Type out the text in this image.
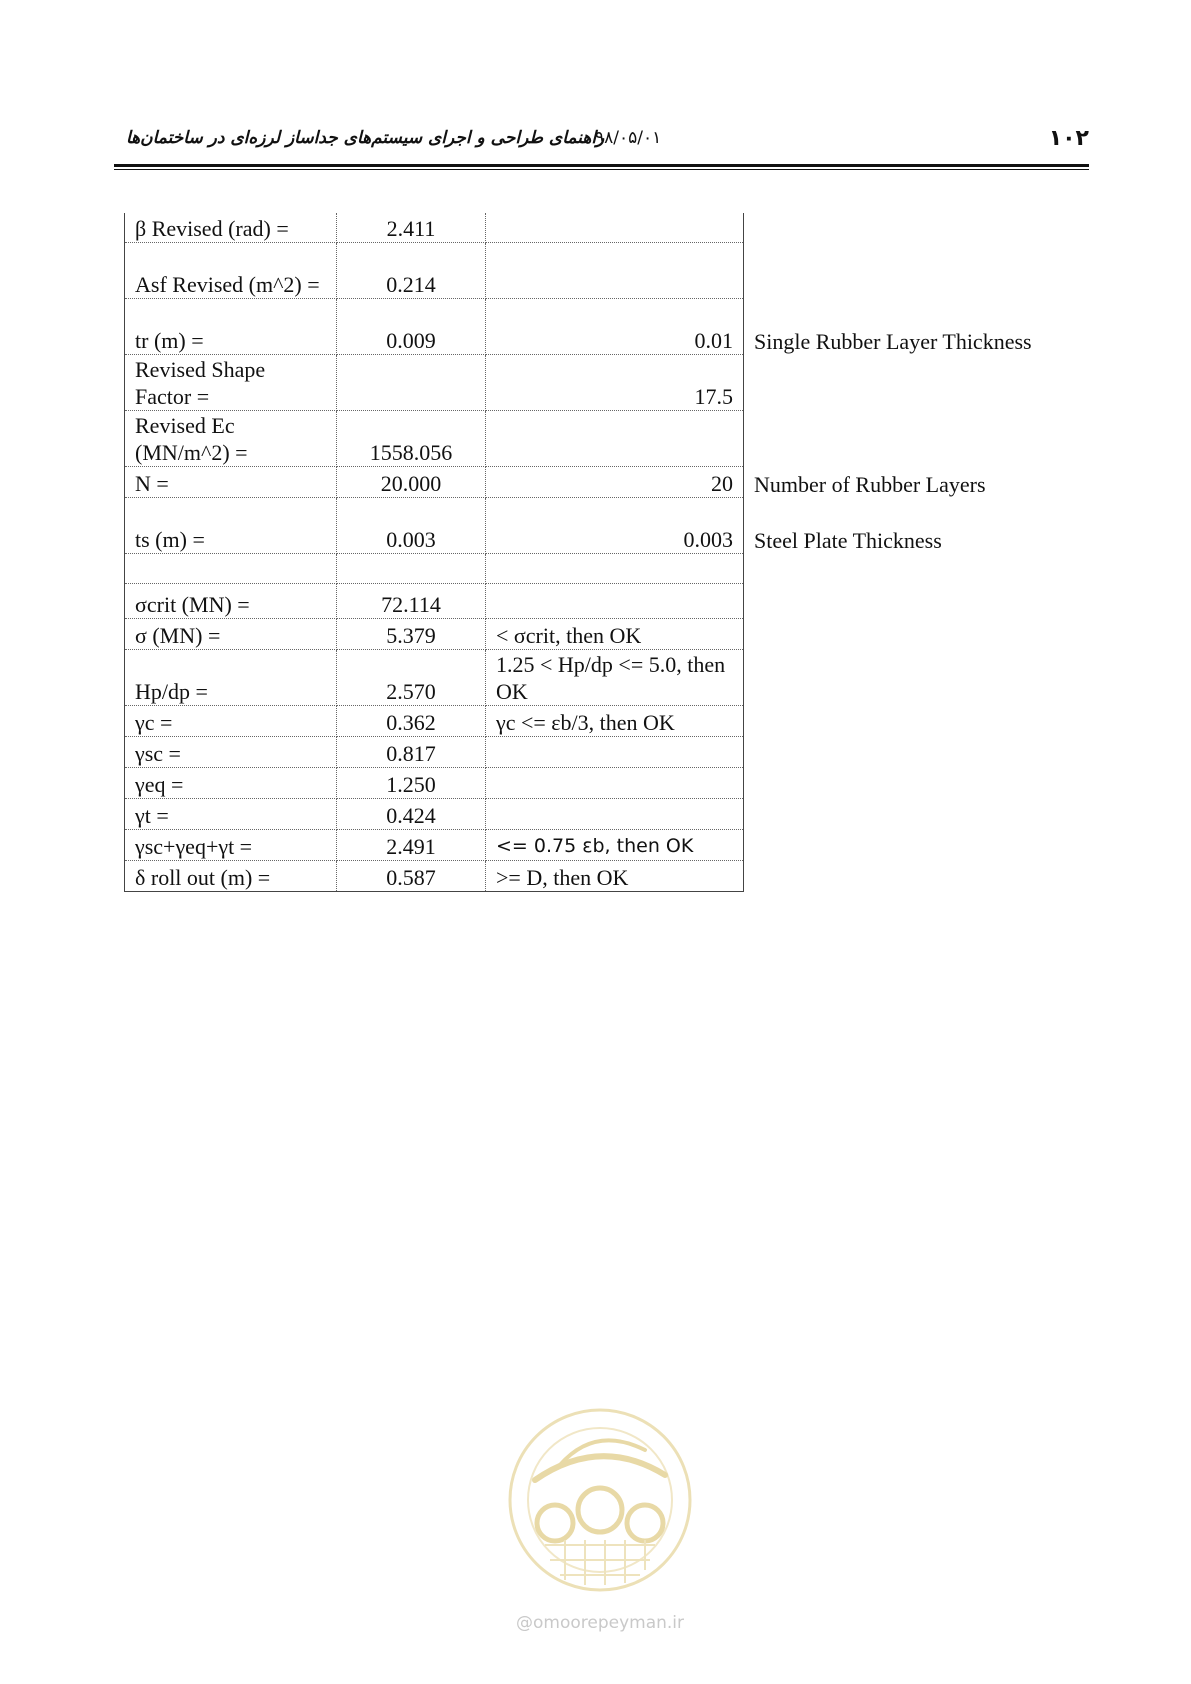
راهنمای طراحی و اجرای سیستم‌های جداساز لرزه‌ای در ساختمان‌ها
۹۸/۰۵/۰۱	۱۰۲
β Revised (rad) =	2.411		
Asf Revised (m^2) =	0.214		
tr (m) =	0.009	0.01	Single Rubber Layer Thickness
Revised Shape Factor =		17.5	
Revised Ec (MN/m^2) =	1558.056		
N =	20.000	20	Number of Rubber Layers
ts (m) =	0.003	0.003	Steel Plate Thickness

σcrit (MN) =	72.114		
σ (MN) =	5.379	< σcrit, then OK	
Hp/dp =	2.570	1.25 < Hp/dp <= 5.0, then OK	
γc =	0.362	γc <= εb/3, then OK	
γsc =	0.817		
γeq =	1.250		
γt =	0.424		
γsc+γeq+γt =	2.491	<= 0.75 εb, then OK	
δ roll out (m) =	0.587	>= D, then OK	
@omoorepeyman.ir
